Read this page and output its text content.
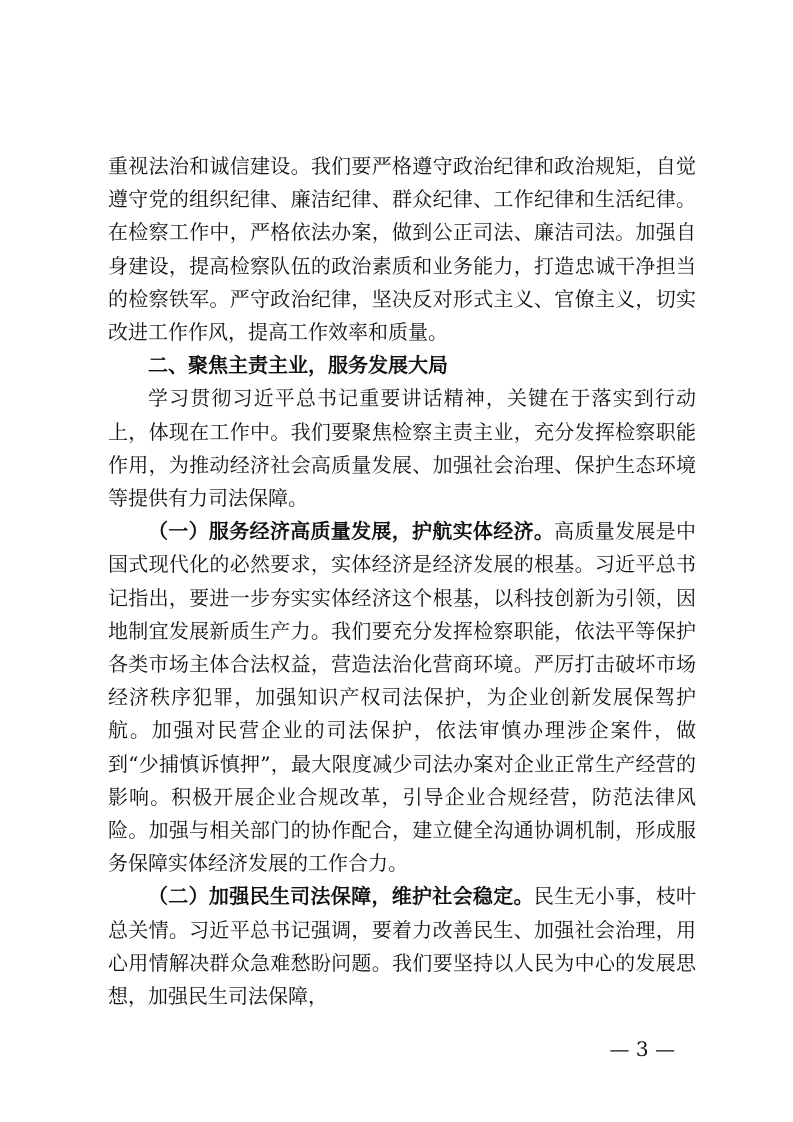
重视法治和诚信建设。我们要严格遵守政治纪律和政治规矩，自觉遵守党的组织纪律、廉洁纪律、群众纪律、工作纪律和生活纪律。在检察工作中，严格依法办案，做到公正司法、廉洁司法。加强自身建设，提高检察队伍的政治素质和业务能力，打造忠诚干净担当的检察铁军。严守政治纪律，坚决反对形式主义、官僚主义，切实改进工作作风，提高工作效率和质量。

二、聚焦主责主业，服务发展大局

学习贯彻习近平总书记重要讲话精神，关键在于落实到行动上，体现在工作中。我们要聚焦检察主责主业，充分发挥检察职能作用，为推动经济社会高质量发展、加强社会治理、保护生态环境等提供有力司法保障。

（一）服务经济高质量发展，护航实体经济。高质量发展是中国式现代化的必然要求，实体经济是经济发展的根基。习近平总书记指出，要进一步夯实实体经济这个根基，以科技创新为引领，因地制宜发展新质生产力。我们要充分发挥检察职能，依法平等保护各类市场主体合法权益，营造法治化营商环境。严厉打击破坏市场经济秩序犯罪，加强知识产权司法保护，为企业创新发展保驾护航。加强对民营企业的司法保护，依法审慎办理涉企案件，做到“少捕慎诉慎押”，最大限度减少司法办案对企业正常生产经营的影响。积极开展企业合规改革，引导企业合规经营，防范法律风险。加强与相关部门的协作配合，建立健全沟通协调机制，形成服务保障实体经济发展的工作合力。

（二）加强民生司法保障，维护社会稳定。民生无小事，枝叶总关情。习近平总书记强调，要着力改善民生、加强社会治理，用心用情解决群众急难愁盼问题。我们要坚持以人民为中心的发展思想，加强民生司法保障，

— 3 —
